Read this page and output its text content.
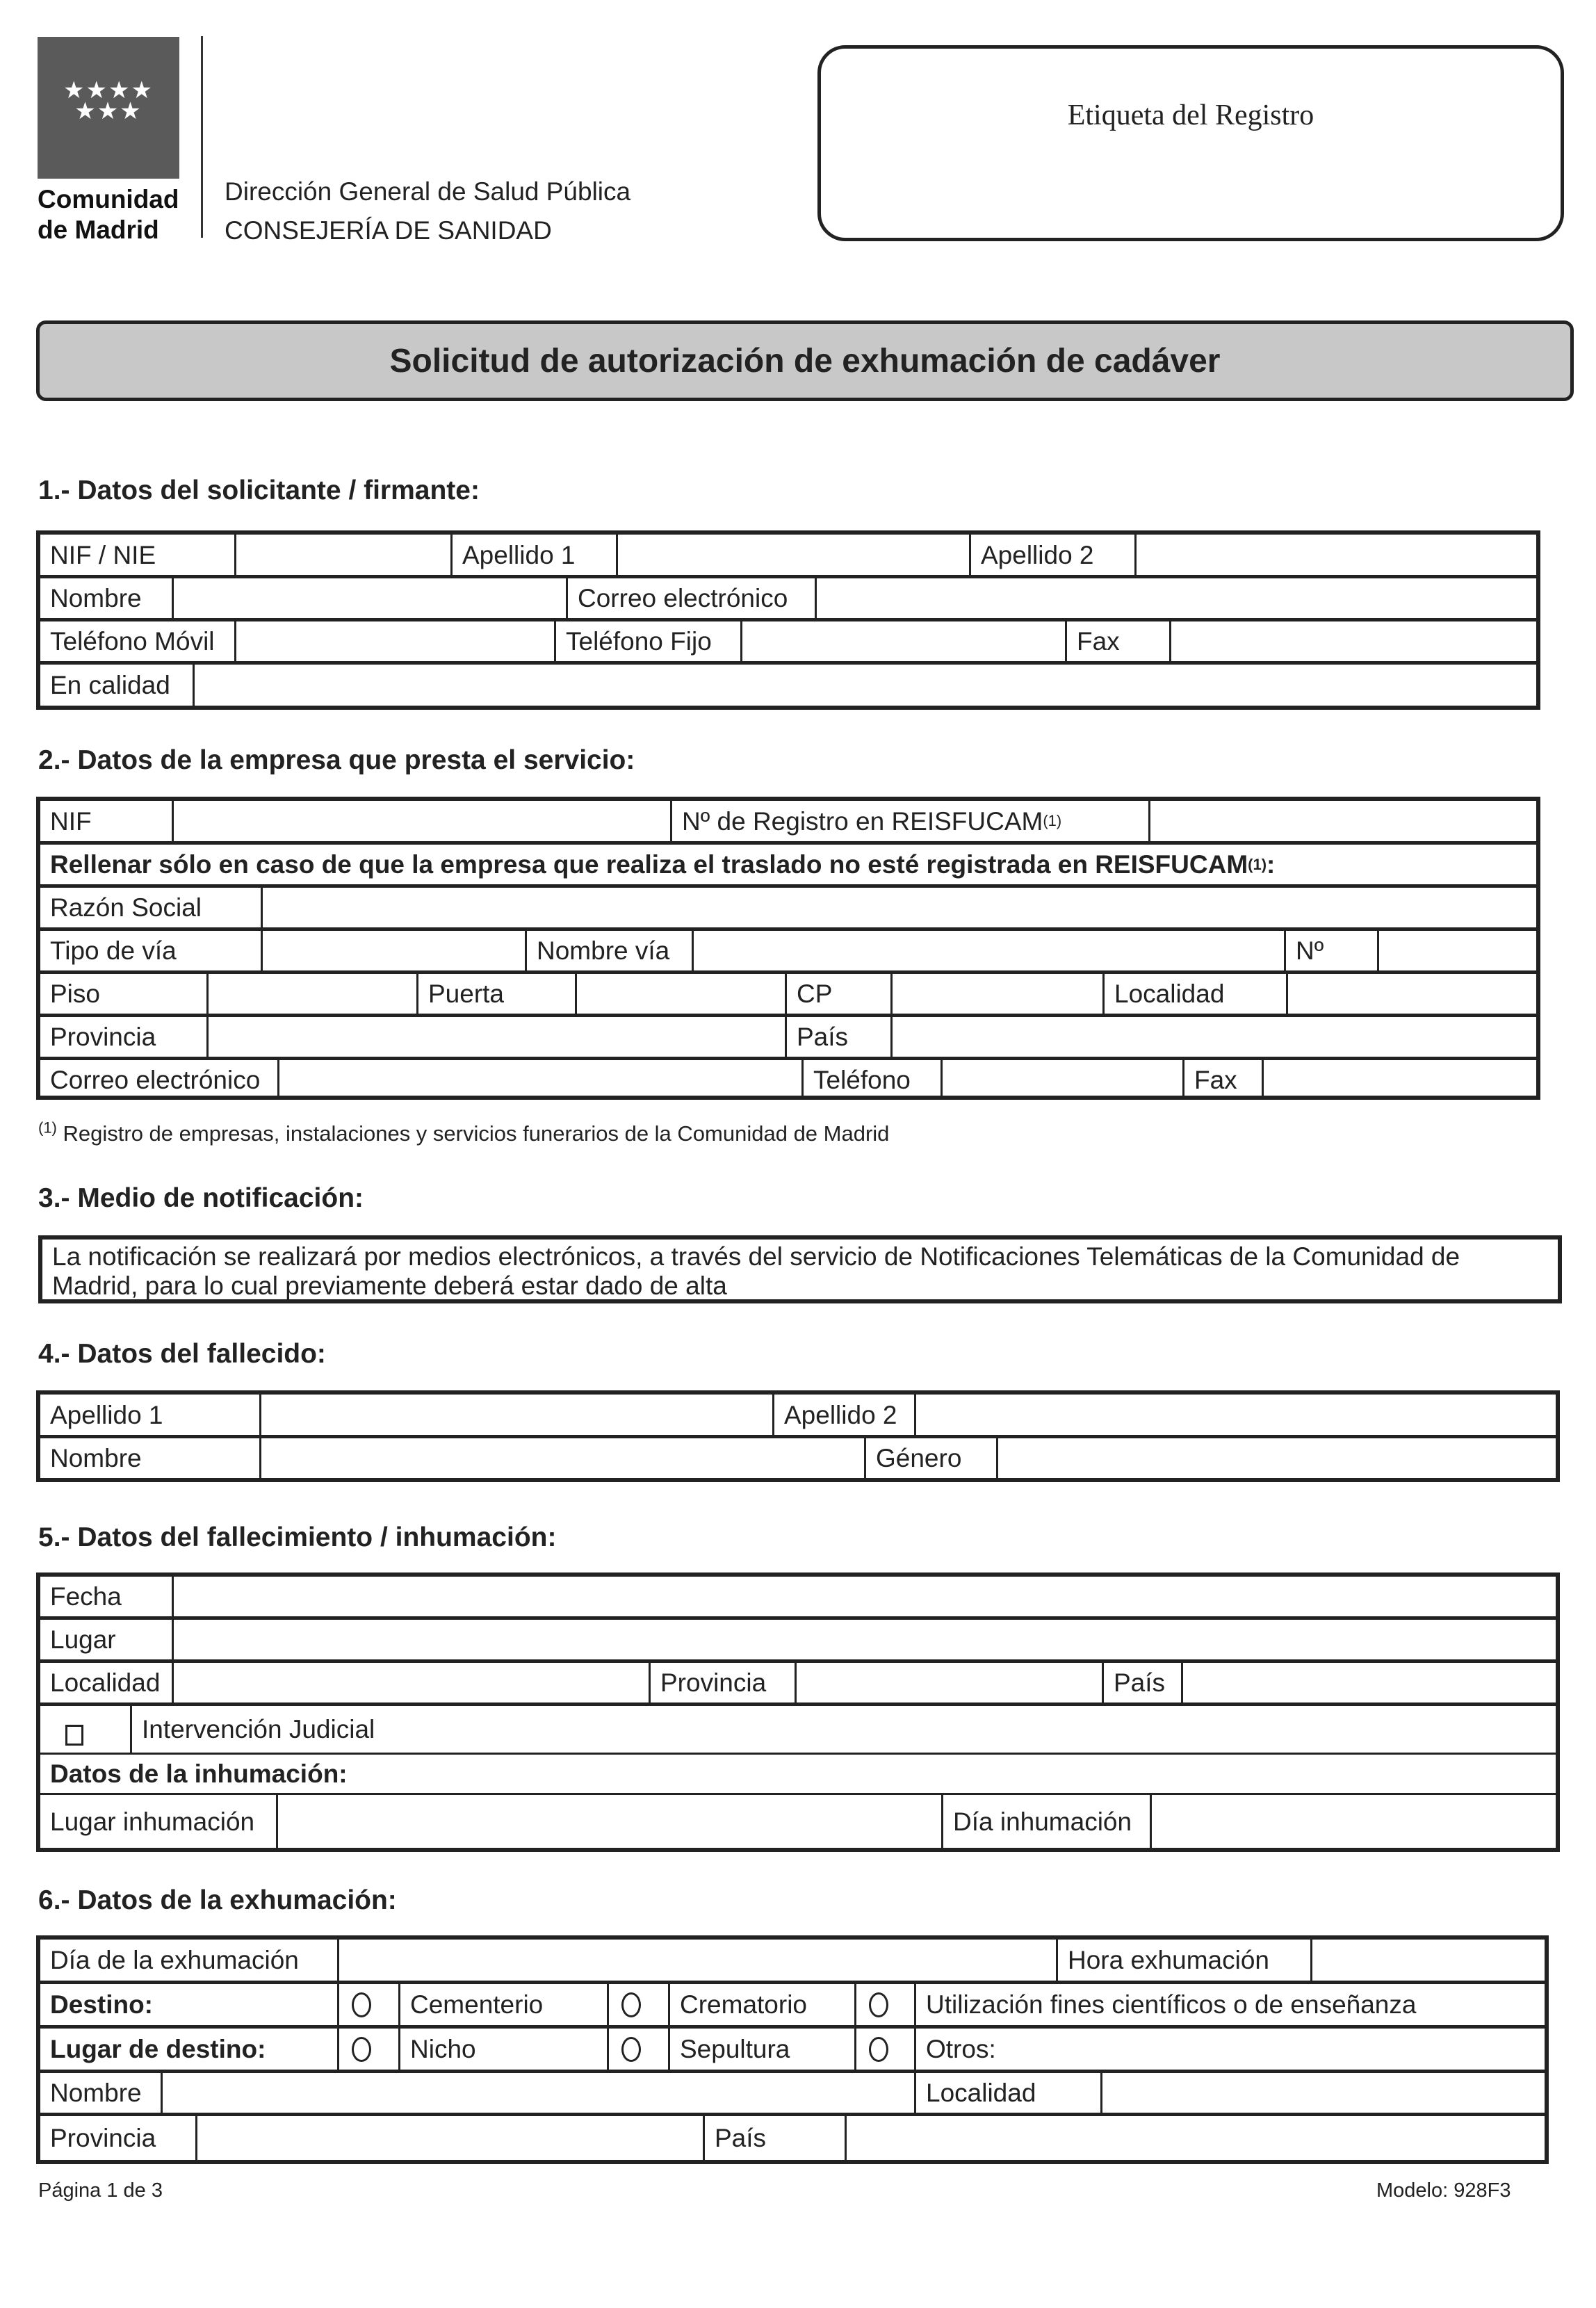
★★★★
★★★
Comunidad
de Madrid
Dirección General de Salud Pública
CONSEJERÍA DE SANIDAD
Etiqueta del Registro
Solicitud de autorización de exhumación de cadáver
1.- Datos del solicitante / firmante:
NIF / NIE	Apellido 1	Apellido 2
Nombre	Correo electrónico
Teléfono Móvil	Teléfono Fijo	Fax
En calidad
2.- Datos de la empresa que presta el servicio:
NIF	Nº de Registro en REISFUCAM (1)
Rellenar sólo en caso de que la empresa que realiza el traslado no esté registrada en REISFUCAM (1) :
Razón Social
Tipo de vía	Nombre vía	Nº
Piso	Puerta	CP	Localidad
Provincia	País
Correo electrónico	Teléfono	Fax
$^{(1)}$ Registro de empresas, instalaciones y servicios funerarios de la Comunidad de Madrid
3.- Medio de notificación:
La notificación se realizará por medios electrónicos, a través del servicio de Notificaciones Telemáticas de la Comunidad de Madrid, para lo cual previamente deberá estar dado de alta
4.- Datos del fallecido:
Apellido 1	Apellido 2
Nombre	Género
5.- Datos del fallecimiento / inhumación:
Fecha
Lugar
Localidad	Provincia	País
Intervención Judicial
Datos de la inhumación:
Lugar inhumación	Día inhumación
6.- Datos de la exhumación:
Día de la exhumación	Hora exhumación
Destino:	Cementerio	Crematorio	Utilización fines científicos o de enseñanza
Lugar de destino:	Nicho	Sepultura	Otros:
Nombre	Localidad
Provincia	País
Página 1 de 3	Modelo: 928F3
